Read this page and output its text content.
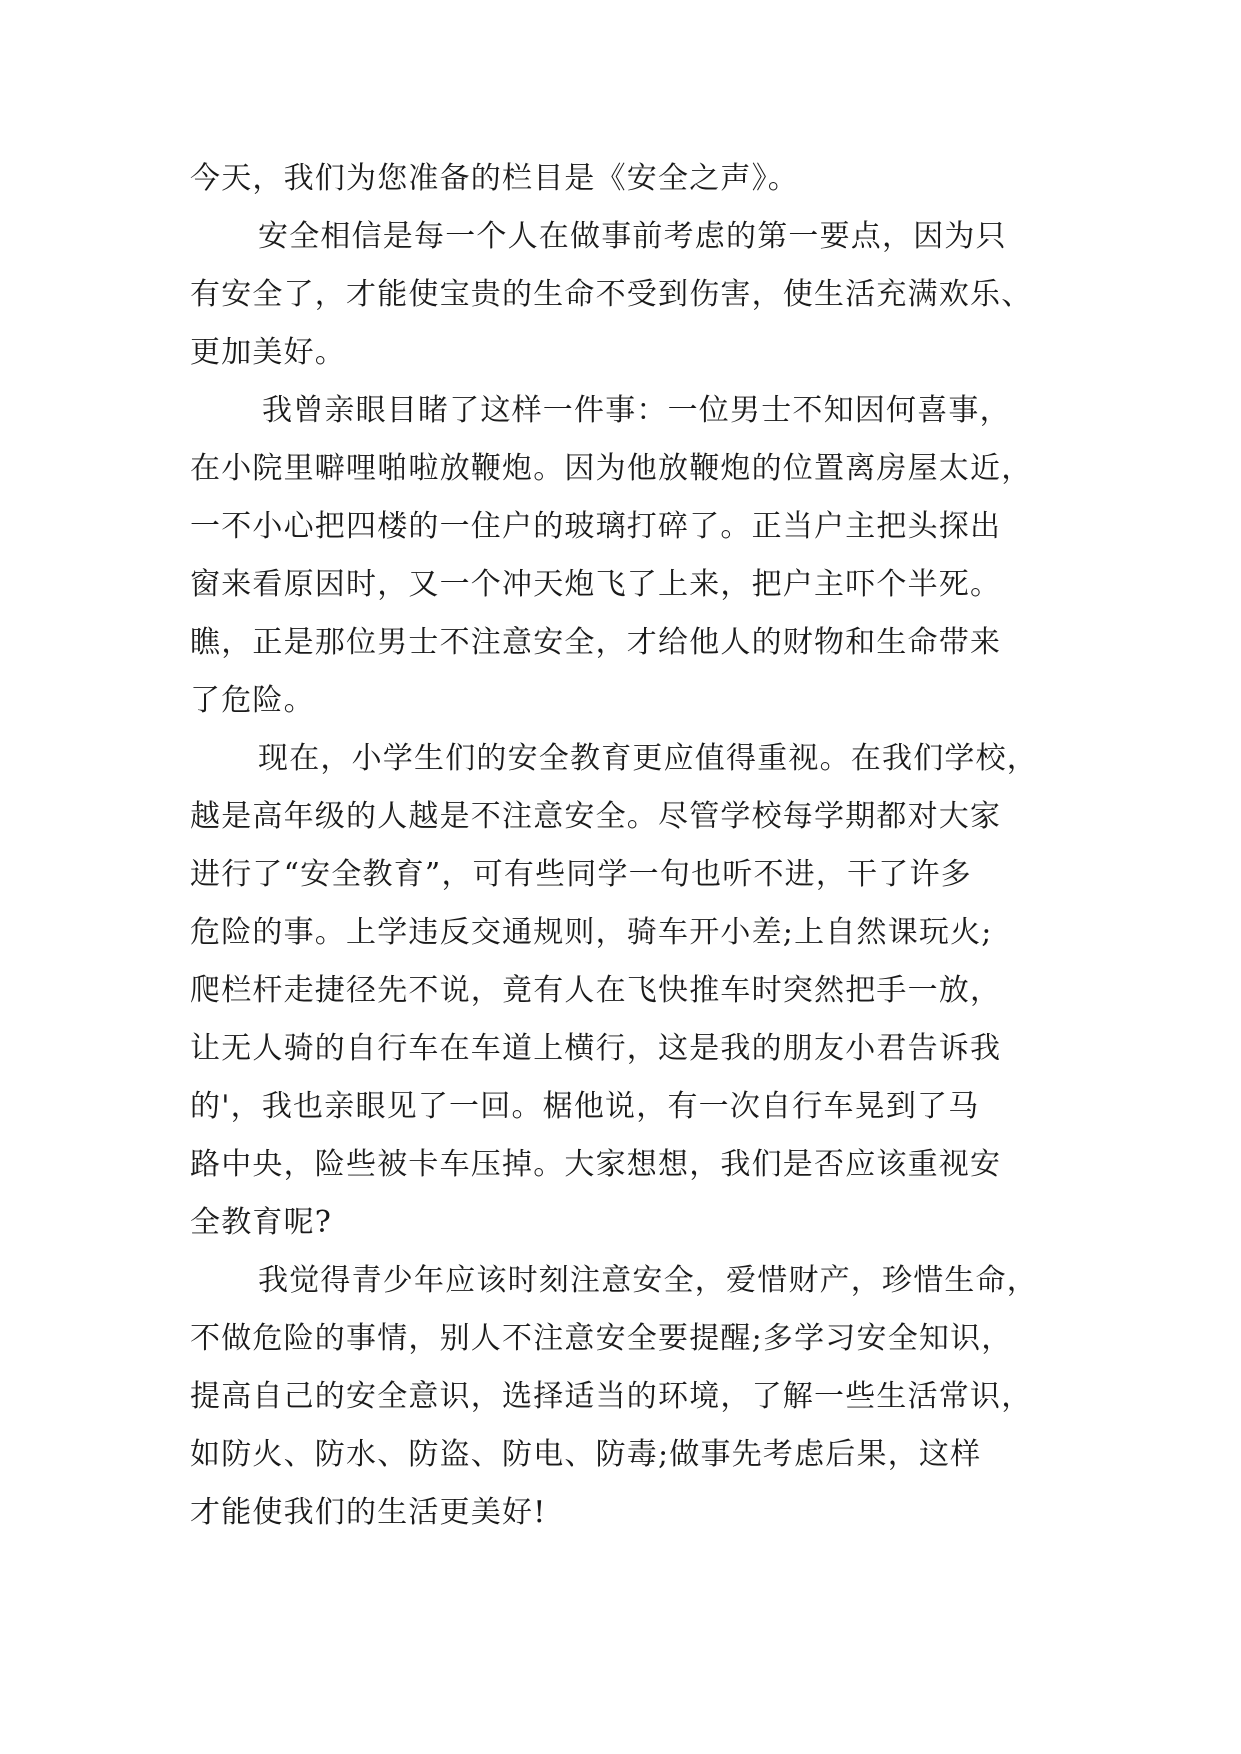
今天，我们为您准备的栏目是《安全之声》。
安全相信是每一个人在做事前考虑的第一要点，因为只
有安全了，才能使宝贵的生命不受到伤害，使生活充满欢乐、
更加美好。
我曾亲眼目睹了这样一件事：一位男士不知因何喜事，
在小院里噼哩啪啦放鞭炮。因为他放鞭炮的位置离房屋太近，
一不小心把四楼的一住户的玻璃打碎了。正当户主把头探出
窗来看原因时，又一个冲天炮飞了上来，把户主吓个半死。
瞧，正是那位男士不注意安全，才给他人的财物和生命带来
了危险。
现在，小学生们的安全教育更应值得重视。在我们学校，
越是高年级的人越是不注意安全。尽管学校每学期都对大家
进行了“安全教育”，可有些同学一句也听不进，干了许多
危险的事。上学违反交通规则，骑车开小差;上自然课玩火;
爬栏杆走捷径先不说，竟有人在飞快推车时突然把手一放，
让无人骑的自行车在车道上横行，这是我的朋友小君告诉我
的'，我也亲眼见了一回。椐他说，有一次自行车晃到了马
路中央，险些被卡车压掉。大家想想，我们是否应该重视安
全教育呢?
我觉得青少年应该时刻注意安全，爱惜财产，珍惜生命，
不做危险的事情，别人不注意安全要提醒;多学习安全知识，
提高自己的安全意识，选择适当的环境，了解一些生活常识，
如防火、防水、防盗、防电、防毒;做事先考虑后果，这样
才能使我们的生活更美好!
